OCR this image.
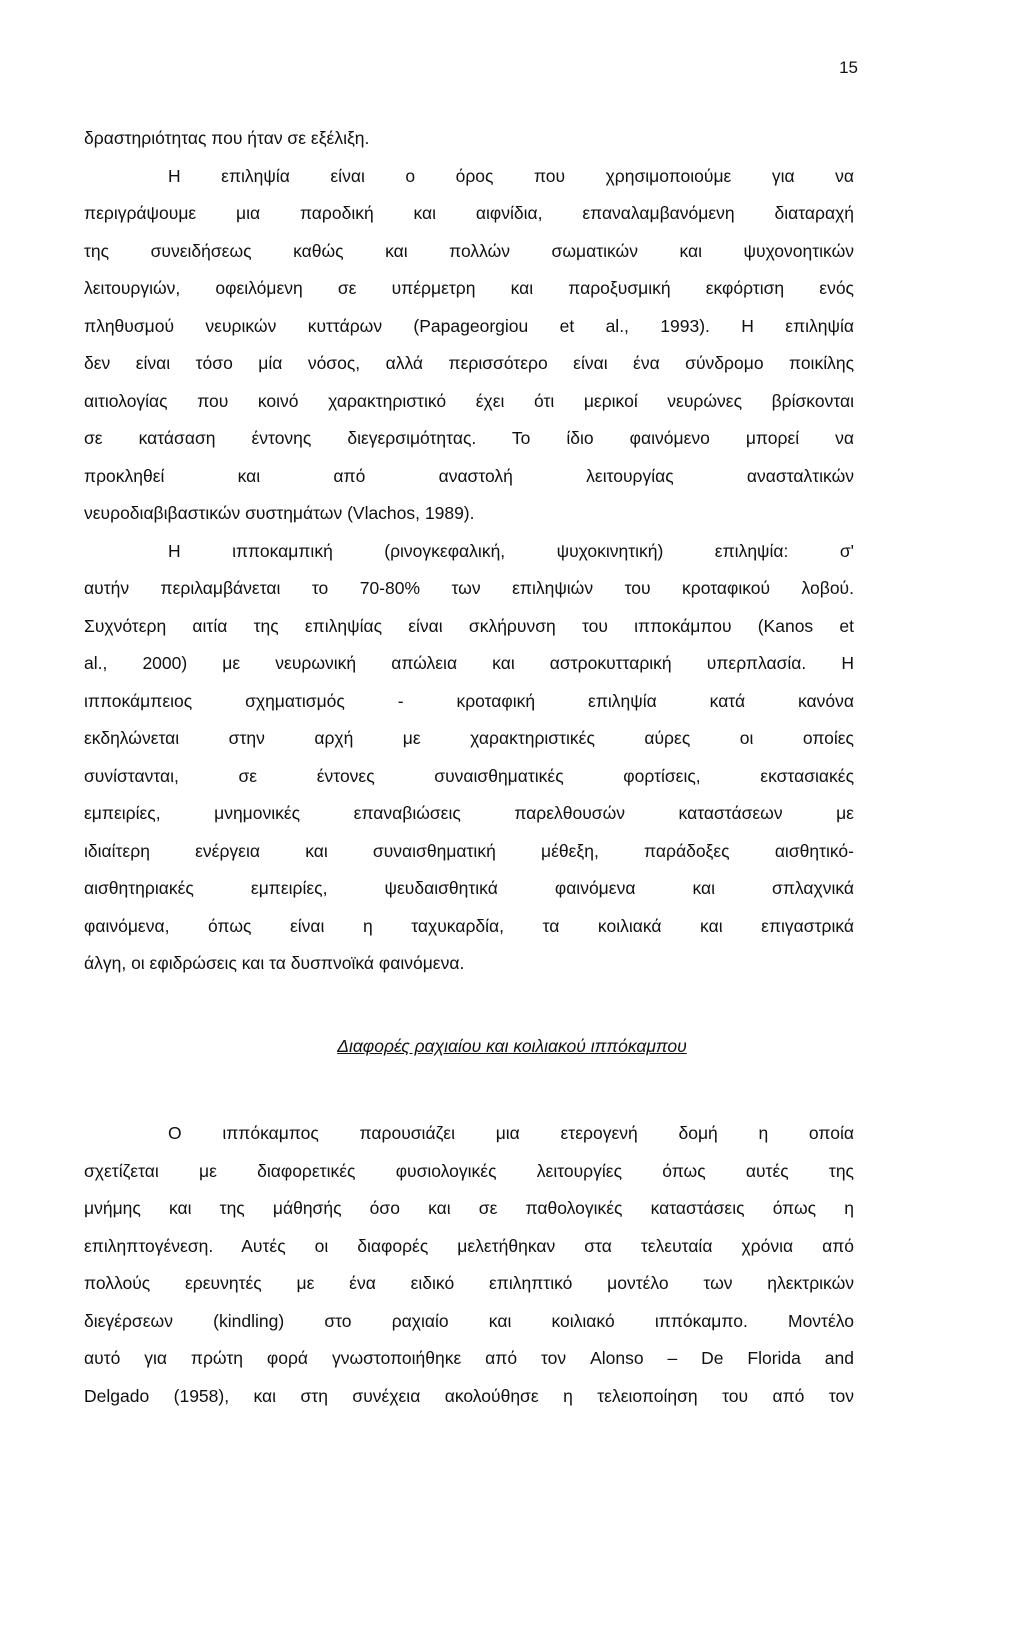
15
δραστηριότητας που ήταν σε εξέλιξη.
Η επιληψία είναι ο όρος που χρησιμοποιούμε για να
περιγράψουμε μια παροδική και αιφνίδια, επαναλαμβανόμενη διαταραχή
της συνειδήσεως καθώς και πολλών σωματικών και ψυχονοητικών
λειτουργιών, οφειλόμενη σε υπέρμετρη και παροξυσμική εκφόρτιση ενός
πληθυσμού νευρικών κυττάρων (Papageorgiou et al., 1993). Η επιληψία
δεν είναι τόσο μία νόσος, αλλά περισσότερο είναι ένα σύνδρομο ποικίλης
αιτιολογίας που κοινό χαρακτηριστικό έχει ότι μερικοί νευρώνες βρίσκονται
σε κατάσαση έντονης διεγερσιμότητας. Το ίδιο φαινόμενο μπορεί να
προκληθεί και από αναστολή λειτουργίας ανασταλτικών
νευροδιαβιβαστικών συστημάτων (Vlachos, 1989).
Η ιπποκαμπική (ρινογκεφαλική, ψυχοκινητική) επιληψία: σ'
αυτήν περιλαμβάνεται το 70-80% των επιληψιών του κροταφικού λοβού.
Συχνότερη αιτία της επιληψίας είναι σκλήρυνση του ιπποκάμπου (Kanos et
al., 2000) με νευρωνική απώλεια και αστροκυτταρική υπερπλασία. Η
ιπποκάμπειος σχηματισμός - κροταφική επιληψία κατά κανόνα
εκδηλώνεται στην αρχή με χαρακτηριστικές αύρες οι οποίες
συνίστανται, σε έντονες συναισθηματικές φορτίσεις, εκστασιακές
εμπειρίες, μνημονικές επαναβιώσεις παρελθουσών καταστάσεων με
ιδιαίτερη ενέργεια και συναισθηματική μέθεξη, παράδοξες αισθητικό-
αισθητηριακές εμπειρίες, ψευδαισθητικά φαινόμενα και σπλαχνικά
φαινόμενα, όπως είναι η ταχυκαρδία, τα κοιλιακά και επιγαστρικά
άλγη, οι εφιδρώσεις και τα δυσπνοϊκά φαινόμενα.
Διαφορές ραχιαίου και κοιλιακού ιππόκαμπου
Ο ιππόκαμπος παρουσιάζει μια ετερογενή δομή η οποία
σχετίζεται με διαφορετικές φυσιολογικές λειτουργίες όπως αυτές της
μνήμης και της μάθησής όσο και σε παθολογικές καταστάσεις όπως η
επιληπτογένεση. Αυτές οι διαφορές μελετήθηκαν στα τελευταία χρόνια από
πολλούς ερευνητές με ένα ειδικό επιληπτικό μοντέλο των ηλεκτρικών
διεγέρσεων (kindling) στο ραχιαίο και κοιλιακό ιππόκαμπο. Μοντέλο
αυτό για πρώτη φορά γνωστοποιήθηκε από τον Alonso – De Florida and
Delgado (1958), και στη συνέχεια ακολούθησε η τελειοποίηση του από τον
